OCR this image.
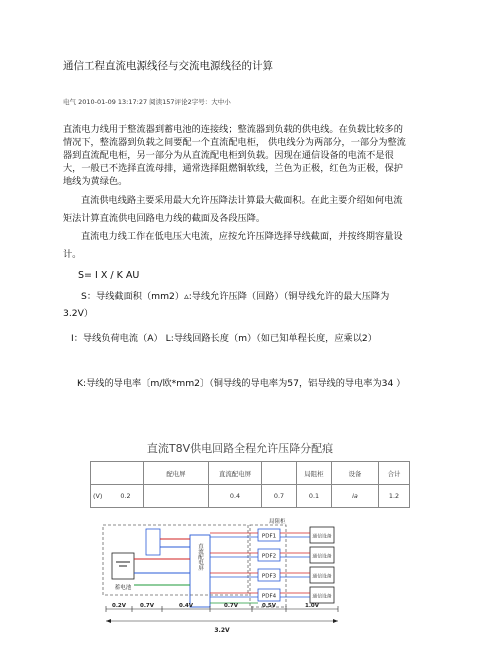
通信工程直流电源线径与交流电源线径的计算
电气 2010-01-09 13:17:27 阅读157评论2字号：大中小
直流电力线用于整流器到蓄电池的连接线；整流器到负载的供电线。在负载比较多的情况下，整流器到负载之间要配一个直流配电柜， 供电线分为两部分，一部分为整流器到直流配电柜，另一部分为从直流配电柜到负载。因现在通信设备的电流不是很大，一般已不选择直流母排，通常选择阻燃铜软线，兰色为正极，红色为正极，保护地线为黄绿色。
直流供电线路主要采用最大允许压降法计算最大截面积。在此主要介绍如何电流矩法计算直流供电回路电力线的截面及各段压降。
直流电力线工作在低电压大电流，应按允许压降选择导线截面，并按终期容量设计。
S= I X / K AU
S：导线截面积（mm2）▵:导线允许压降（回路）（铜导线允许的最大压降为3.2V）
I：导线负荷电流（A） L:导线回路长度（m）（如已知单程长度，应乘以2）
K:导线的导电率〔m/欧*mm2〕（铜导线的导电率为57，铝导线的导电率为34 ）
直流T8V供电回路全程允许压降分配痕
	配电屏	直流配电屏		局阻柜	设备	合计
(V) 0.2		0.4	0.7	0.1	ia	1.2
蓄电池
直流配电屏
局阻柜
PDF1
PDF2
PDF3
PDF4
通信设备
通信设备
通信设备
通信设备
0.2V	0.7V	0.4V	0.7V	0.5V	1.0V
3.2V
